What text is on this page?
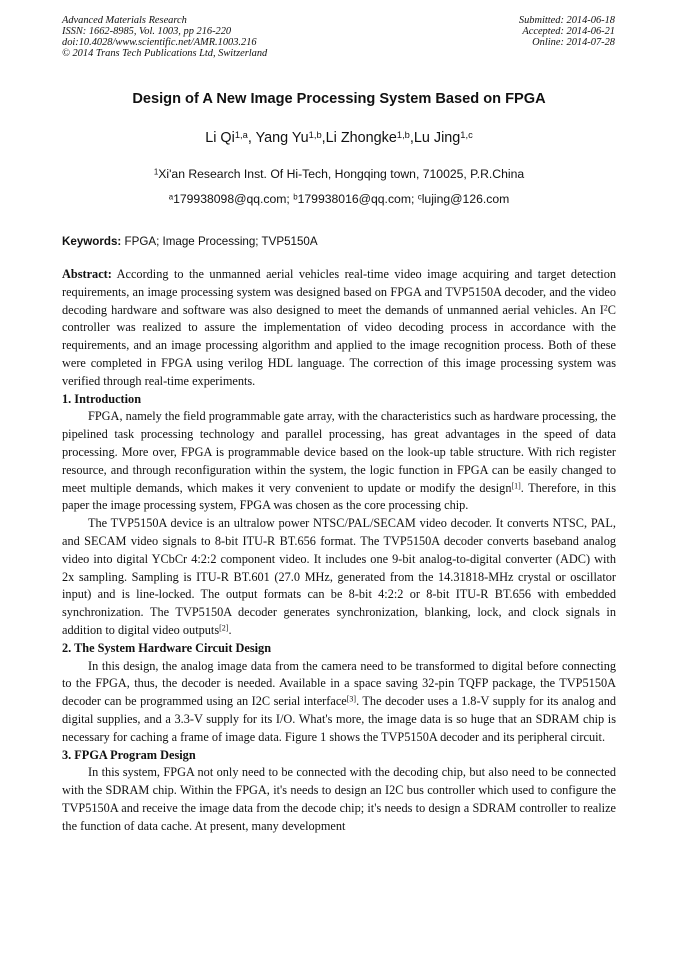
Advanced Materials Research
ISSN: 1662-8985, Vol. 1003, pp 216-220
doi:10.4028/www.scientific.net/AMR.1003.216
© 2014 Trans Tech Publications Ltd, Switzerland
Submitted: 2014-06-18
Accepted: 2014-06-21
Online: 2014-07-28
Design of A New Image Processing System Based on FPGA
Li Qi$^{1,a}$, Yang Yu$^{1,b}$,Li Zhongke$^{1,b}$,Lu Jing$^{1,c}$
$^1$Xi'an Research Inst. Of Hi-Tech, Hongqing town, 710025, P.R.China
$^a$179938098@qq.com; $^b$179938016@qq.com; $^c$lujing@126.com
Keywords: FPGA; Image Processing; TVP5150A

Abstract: According to the unmanned aerial vehicles real-time video image acquiring and target detection requirements, an image processing system was designed based on FPGA and TVP5150A decoder, and the video decoding hardware and software was also designed to meet the demands of unmanned aerial vehicles. An $I^2C$ controller was realized to assure the implementation of video decoding process in accordance with the requirements, and an image processing algorithm and applied to the image recognition process. Both of these were completed in FPGA using verilog HDL language. The correction of this image processing system was verified through real-time experiments.

1. Introduction

FPGA, namely the field programmable gate array, with the characteristics such as hardware processing, the pipelined task processing technology and parallel processing, has great advantages in the speed of data processing. More over, FPGA is programmable device based on the look-up table structure. With rich register resource, and through reconfiguration within the system, the logic function in FPGA can be easily changed to meet multiple demands, which makes it very convenient to update or modify the design[1]. Therefore, in this paper the image processing system, FPGA was chosen as the core processing chip.

The TVP5150A device is an ultralow power NTSC/PAL/SECAM video decoder. It converts NTSC, PAL, and SECAM video signals to 8-bit ITU-R BT.656 format. The TVP5150A decoder converts baseband analog video into digital YCbCr 4:2:2 component video. It includes one 9-bit analog-to-digital converter (ADC) with 2x sampling. Sampling is ITU-R BT.601 (27.0 MHz, generated from the 14.31818-MHz crystal or oscillator input) and is line-locked. The output formats can be 8-bit 4:2:2 or 8-bit ITU-R BT.656 with embedded synchronization. The TVP5150A decoder generates synchronization, blanking, lock, and clock signals in addition to digital video outputs[2].

2. The System Hardware Circuit Design

In this design, the analog image data from the camera need to be transformed to digital before connecting to the FPGA, thus, the decoder is needed. Available in a space saving 32-pin TQFP package, the TVP5150A decoder can be programmed using an I2C serial interface[3]. The decoder uses a 1.8-V supply for its analog and digital supplies, and a 3.3-V supply for its I/O. What's more, the image data is so huge that an SDRAM chip is necessary for caching a frame of image data. Figure 1 shows the TVP5150A decoder and its peripheral circuit.

3. FPGA Program Design

In this system, FPGA not only need to be connected with the decoding chip, but also need to be connected with the SDRAM chip. Within the FPGA, it's needs to design an I2C bus controller which used to configure the TVP5150A and receive the image data from the decode chip; it's needs to design a SDRAM controller to realize the function of data cache. At present, many development
